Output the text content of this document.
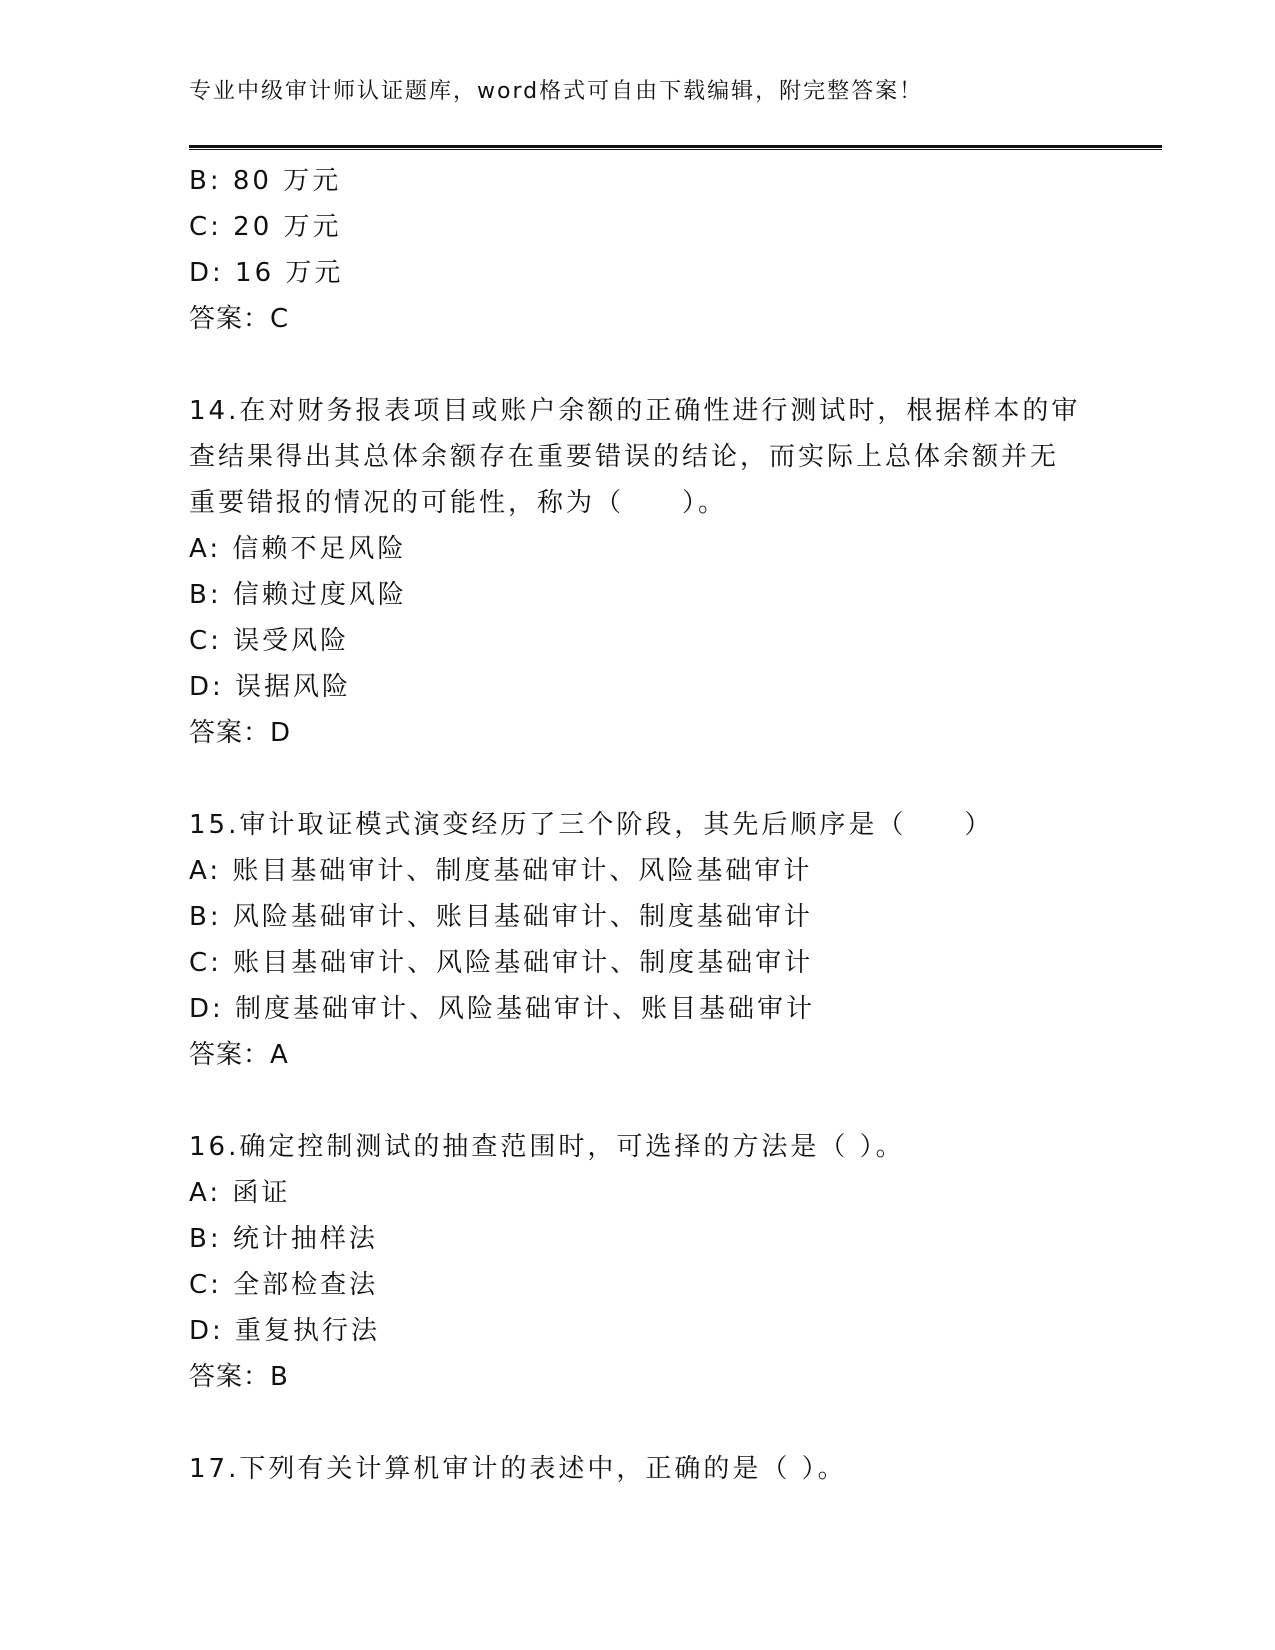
专业中级审计师认证题库，word格式可自由下载编辑，附完整答案！
B: 80 万元
C: 20 万元
D: 16 万元
答案：C
14.在对财务报表项目或账户余额的正确性进行测试时，根据样本的审
查结果得出其总体余额存在重要错误的结论，而实际上总体余额并无
重要错报的情况的可能性，称为（　　）。
A: 信赖不足风险
B: 信赖过度风险
C: 误受风险
D: 误据风险
答案：D
15.审计取证模式演变经历了三个阶段，其先后顺序是（　　）
A: 账目基础审计、制度基础审计、风险基础审计
B: 风险基础审计、账目基础审计、制度基础审计
C: 账目基础审计、风险基础审计、制度基础审计
D: 制度基础审计、风险基础审计、账目基础审计
答案：A
16.确定控制测试的抽查范围时，可选择的方法是（ ）。
A: 函证
B: 统计抽样法
C: 全部检查法
D: 重复执行法
答案：B
17.下列有关计算机审计的表述中，正确的是（ ）。
